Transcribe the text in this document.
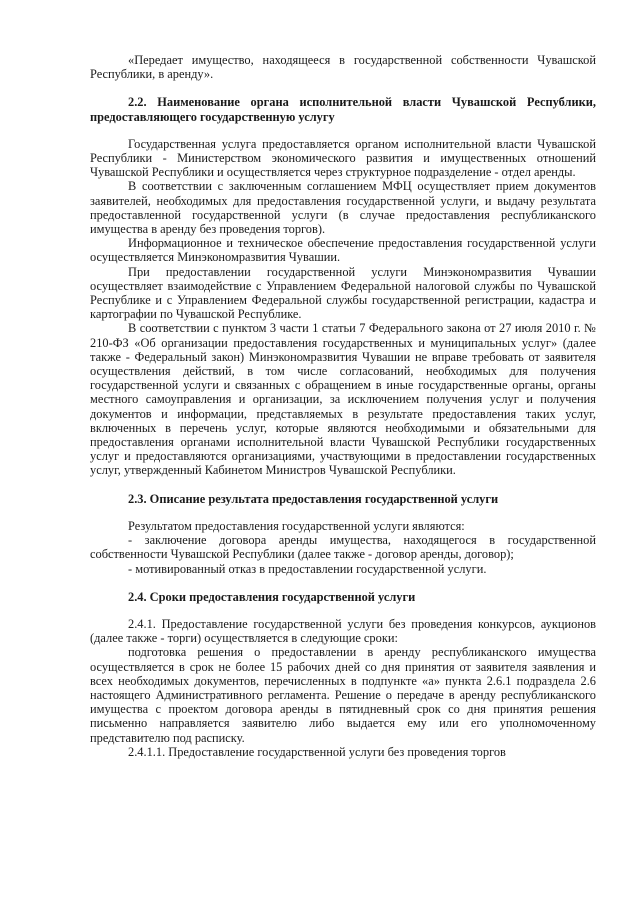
«Передает имущество, находящееся в государственной собственности Чувашской Республики, в аренду».

2.2. Наименование органа исполнительной власти Чувашской Республики, предоставляющего государственную услугу

Государственная услуга предоставляется органом исполнительной власти Чувашской Республики - Министерством экономического развития и имущественных отношений Чувашской Республики и осуществляется через структурное подразделение - отдел аренды.

В соответствии с заключенным соглашением МФЦ осуществляет прием документов заявителей, необходимых для предоставления государственной услуги, и выдачу результата предоставленной государственной услуги (в случае предоставления республиканского имущества в аренду без проведения торгов).

Информационное и техническое обеспечение предоставления государственной услуги осуществляется Минэкономразвития Чувашии.

При предоставлении государственной услуги Минэкономразвития Чувашии осуществляет взаимодействие с Управлением Федеральной налоговой службы по Чувашской Республике и с Управлением Федеральной службы государственной регистрации, кадастра и картографии по Чувашской Республике.

В соответствии с пунктом 3 части 1 статьи 7 Федерального закона от 27 июля 2010 г. № 210-ФЗ «Об организации предоставления государственных и муниципальных услуг» (далее также - Федеральный закон) Минэкономразвития Чувашии не вправе требовать от заявителя осуществления действий, в том числе согласований, необходимых для получения государственной услуги и связанных с обращением в иные государственные органы, органы местного самоуправления и организации, за исключением получения услуг и получения документов и информации, представляемых в результате предоставления таких услуг, включенных в перечень услуг, которые являются необходимыми и обязательными для предоставления органами исполнительной власти Чувашской Республики государственных услуг и предоставляются организациями, участвующими в предоставлении государственных услуг, утвержденный Кабинетом Министров Чувашской Республики.

2.3. Описание результата предоставления государственной услуги

Результатом предоставления государственной услуги являются:

- заключение договора аренды имущества, находящегося в государственной собственности Чувашской Республики (далее также - договор аренды, договор);

- мотивированный отказ в предоставлении государственной услуги.

2.4. Сроки предоставления государственной услуги

2.4.1. Предоставление государственной услуги без проведения конкурсов, аукционов (далее также - торги) осуществляется в следующие сроки:

подготовка решения о предоставлении в аренду республиканского имущества осуществляется в срок не более 15 рабочих дней со дня принятия от заявителя заявления и всех необходимых документов, перечисленных в подпункте «а» пункта 2.6.1 подраздела 2.6 настоящего Административного регламента. Решение о передаче в аренду республиканского имущества с проектом договора аренды в пятидневный срок со дня принятия решения письменно направляется заявителю либо выдается ему или его уполномоченному представителю под расписку.

2.4.1.1. Предоставление государственной услуги без проведения торгов
